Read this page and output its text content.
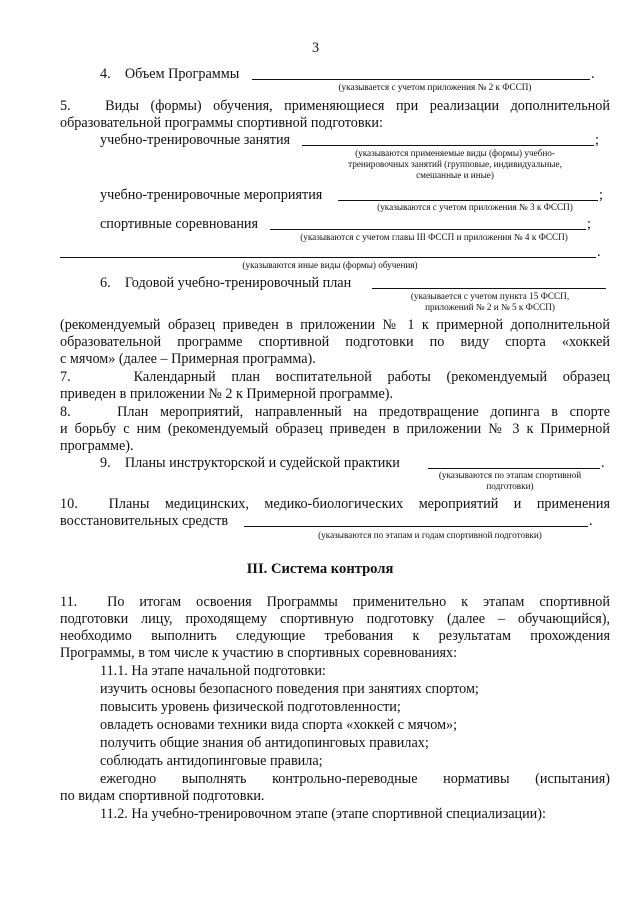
3
4.    Объем Программы	.
(указывается с учетом приложения № 2 к ФССП)
5.   Виды (формы) обучения, применяющиеся при реализации дополнительной
образовательной программы спортивной подготовки:
учебно-тренировочные занятия	;
(указываются применяемые виды (формы) учебно-тренировочных занятий (групповые, индивидуальные, смешанные и иные)
учебно-тренировочные мероприятия	;
(указываются с учетом приложения № 3 к ФССП)
спортивные соревнования	;
(указываются с учетом главы III ФССП и приложения № 4 к ФССП)
.
(указываются иные виды (формы) обучения)
6.    Годовой учебно-тренировочный план
(указывается с учетом пункта 15 ФССП, приложений № 2 и № 5 к ФССП)
(рекомендуемый образец приведен в приложении № 1 к примерной дополнительной
образовательной программе спортивной подготовки по виду спорта «хоккей
с мячом» (далее – Примерная программа).
7.    Календарный план воспитательной работы (рекомендуемый образец
приведен в приложении № 2 к Примерной программе).
8.    План мероприятий, направленный на предотвращение допинга в спорте
и борьбу с ним (рекомендуемый образец приведен в приложении № 3 к Примерной
программе).
9.    Планы инструкторской и судейской практики	.
(указываются по этапам спортивной подготовки)
10.  Планы медицинских, медико-биологических мероприятий и применения
восстановительных средств	.
(указываются по этапам и годам спортивной подготовки)
III. Система контроля
11.  По итогам освоения Программы применительно к этапам спортивной
подготовки лицу, проходящему спортивную подготовку (далее – обучающийся),
необходимо выполнить следующие требования к результатам прохождения
Программы, в том числе к участию в спортивных соревнованиях:
11.1. На этапе начальной подготовки:
изучить основы безопасного поведения при занятиях спортом;
повысить уровень физической подготовленности;
овладеть основами техники вида спорта «хоккей с мячом»;
получить общие знания об антидопинговых правилах;
соблюдать антидопинговые правила;
ежегодно выполнять контрольно-переводные нормативы (испытания)
по видам спортивной подготовки.
11.2. На учебно-тренировочном этапе (этапе спортивной специализации):
